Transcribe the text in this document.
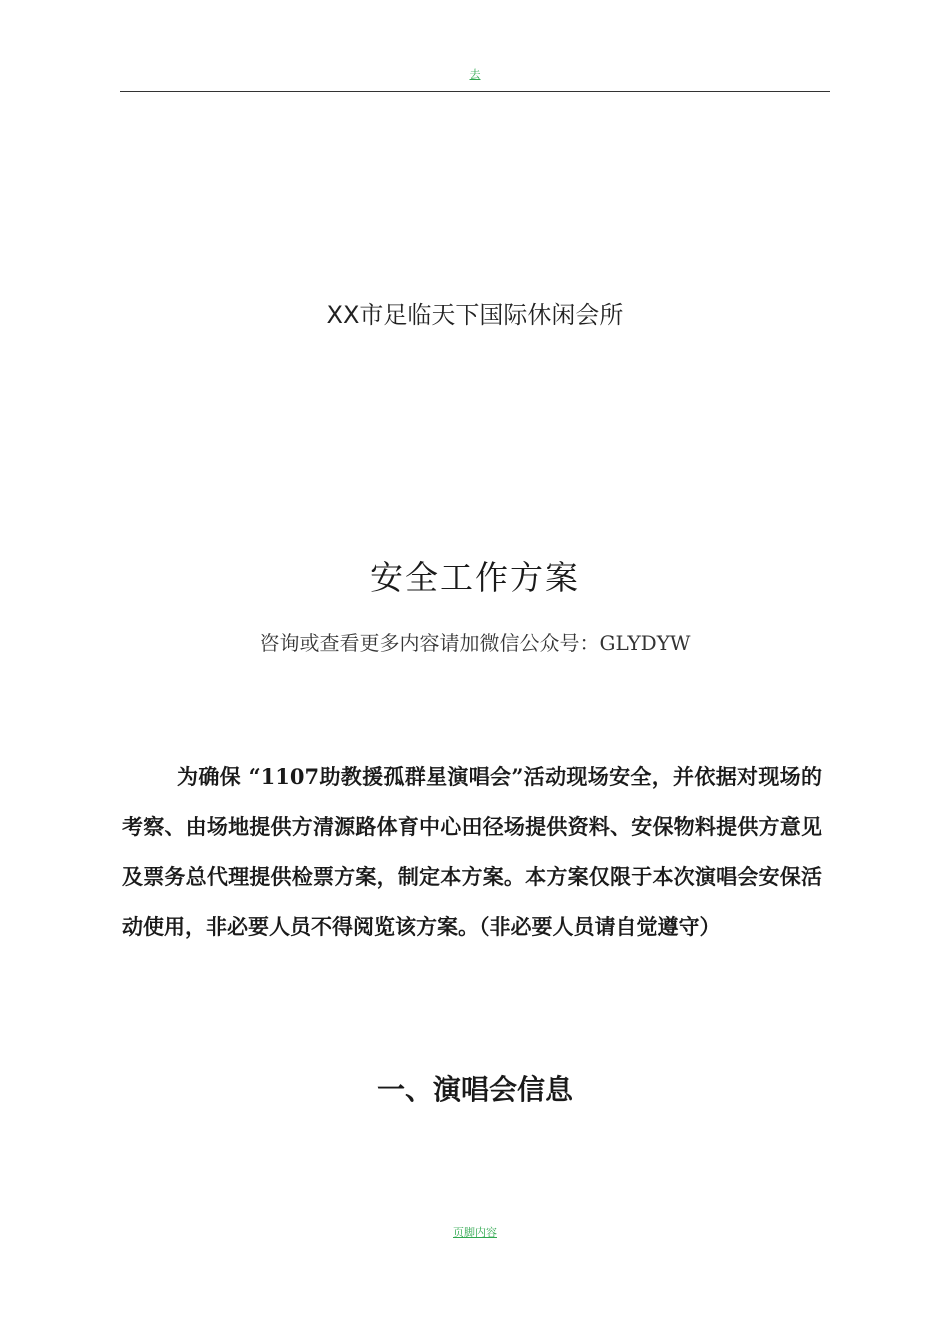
去
XX市足临天下国际休闲会所
安全工作方案
咨询或查看更多内容请加微信公众号：GLYDYW

为确保 “1107助教援孤群星演唱会”活动现场安全，并依据对现场的考察、由场地提供方清源路体育中心田径场提供资料、安保物料提供方意见及票务总代理提供检票方案，制定本方案。本方案仅限于本次演唱会安保活动使用，非必要人员不得阅览该方案。（非必要人员请自觉遵守）

一、演唱会信息
页脚内容
